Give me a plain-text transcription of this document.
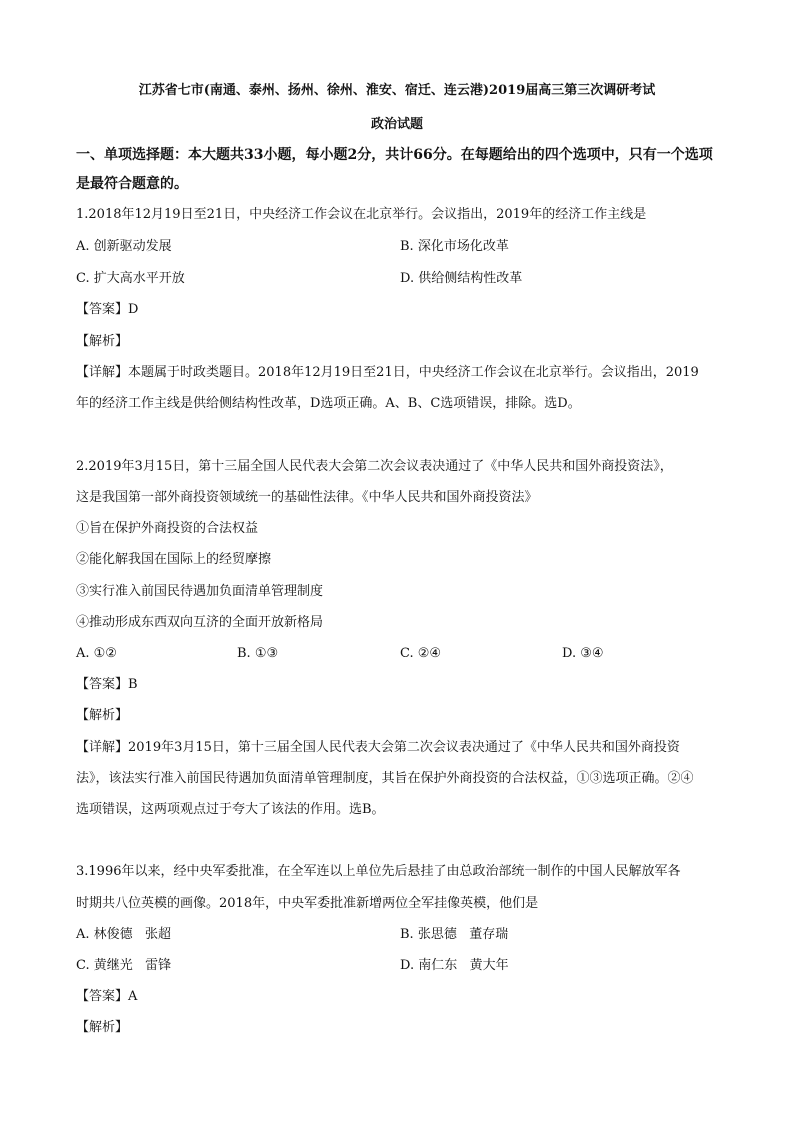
江苏省七市(南通、泰州、扬州、徐州、淮安、宿迁、连云港)2019届高三第三次调研考试
政治试题
一、单项选择题：本大题共33小题，每小题2分，共计66分。在每题给出的四个选项中，只有一个选项
是最符合题意的。
1.2018年12月19日至21日，中央经济工作会议在北京举行。会议指出，2019年的经济工作主线是
A. 创新驱动发展	B. 深化市场化改革
C. 扩大高水平开放	D. 供给侧结构性改革
【答案】D
【解析】
【详解】本题属于时政类题目。2018年12月19日至21日，中央经济工作会议在北京举行。会议指出，2019
年的经济工作主线是供给侧结构性改革，D选项正确。A、B、C选项错误，排除。选D。
2.2019年3月15日，第十三届全国人民代表大会第二次会议表决通过了《中华人民共和国外商投资法》，
这是我国第一部外商投资领域统一的基础性法律。《中华人民共和国外商投资法》
①旨在保护外商投资的合法权益
②能化解我国在国际上的经贸摩擦
③实行准入前国民待遇加负面清单管理制度
④推动形成东西双向互济的全面开放新格局
A. ①②	B. ①③	C. ②④	D. ③④
【答案】B
【解析】
【详解】2019年3月15日，第十三届全国人民代表大会第二次会议表决通过了《中华人民共和国外商投资
法》，该法实行准入前国民待遇加负面清单管理制度，其旨在保护外商投资的合法权益，①③选项正确。②④
选项错误，这两项观点过于夸大了该法的作用。选B。
3.1996年以来，经中央军委批准，在全军连以上单位先后悬挂了由总政治部统一制作的中国人民解放军各
时期共八位英模的画像。2018年，中央军委批准新增两位全军挂像英模，他们是
A. 林俊德   张超	B. 张思德   董存瑞
C. 黄继光   雷锋	D. 南仁东   黄大年
【答案】A
【解析】
